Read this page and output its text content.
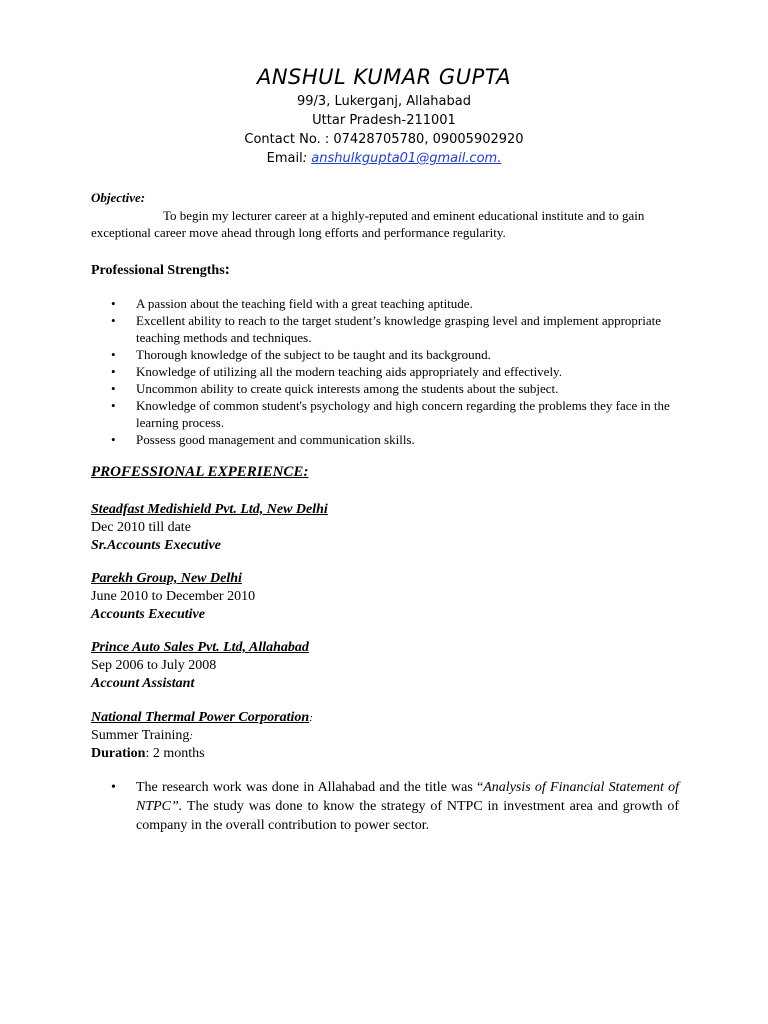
ANSHUL KUMAR GUPTA

99/3, Lukerganj, Allahabad

Uttar Pradesh-211001

Contact No. : 07428705780, 09005902920

Email: anshulkgupta01@gmail.com.

Objective:

To begin my lecturer career at a highly-reputed and eminent educational institute and to gain exceptional career move ahead through long efforts and performance regularity.

Professional Strengths:

• A passion about the teaching field with a great teaching aptitude.
• Excellent ability to reach to the target student’s knowledge grasping level and implement appropriate teaching methods and techniques.
• Thorough knowledge of the subject to be taught and its background.
• Knowledge of utilizing all the modern teaching aids appropriately and effectively.
• Uncommon ability to create quick interests among the students about the subject.
• Knowledge of common student's psychology and high concern regarding the problems they face in the learning process.
• Possess good management and communication skills.

PROFESSIONAL EXPERIENCE:

Steadfast Medishield Pvt. Ltd, New Delhi

Dec 2010 till date

Sr.Accounts Executive

Parekh Group, New Delhi

June 2010 to December 2010

Accounts Executive

Prince Auto Sales Pvt. Ltd, Allahabad

Sep 2006 to July 2008

Account Assistant

National Thermal Power Corporation:

Summer Training:

Duration: 2 months

• The research work was done in Allahabad and the title was “Analysis of Financial Statement of NTPC”. The study was done to know the strategy of NTPC in investment area and growth of company in the overall contribution to power sector.
